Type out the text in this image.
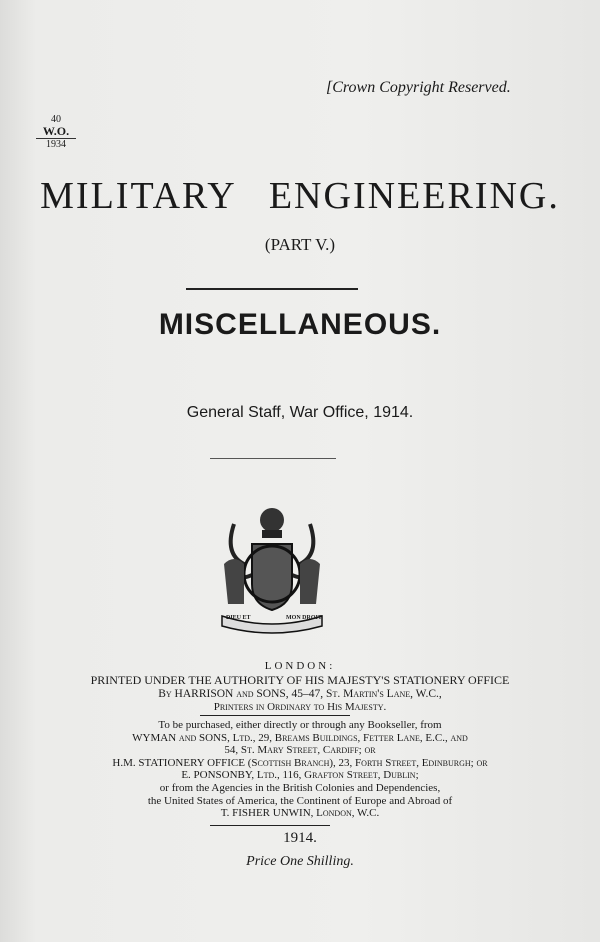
[Crown Copyright Reserved.
40
W.O.
1934
MILITARY ENGINEERING.
(PART V.)
MISCELLANEOUS.
General Staff, War Office, 1914.
DIEU ET	MON DROIT
LONDON:
PRINTED UNDER THE AUTHORITY OF HIS MAJESTY'S STATIONERY OFFICE
By HARRISON and SONS, 45–47, St. Martin's Lane, W.C.,
Printers in Ordinary to His Majesty.
To be purchased, either directly or through any Bookseller, from
WYMAN and SONS, Ltd., 29, Breams Buildings, Fetter Lane, E.C., and
54, St. Mary Street, Cardiff; or
H.M. STATIONERY OFFICE (Scottish Branch), 23, Forth Street, Edinburgh; or
E. PONSONBY, Ltd., 116, Grafton Street, Dublin;
or from the Agencies in the British Colonies and Dependencies,
the United States of America, the Continent of Europe and Abroad of
T. FISHER UNWIN, London, W.C.
1914.
Price One Shilling.
